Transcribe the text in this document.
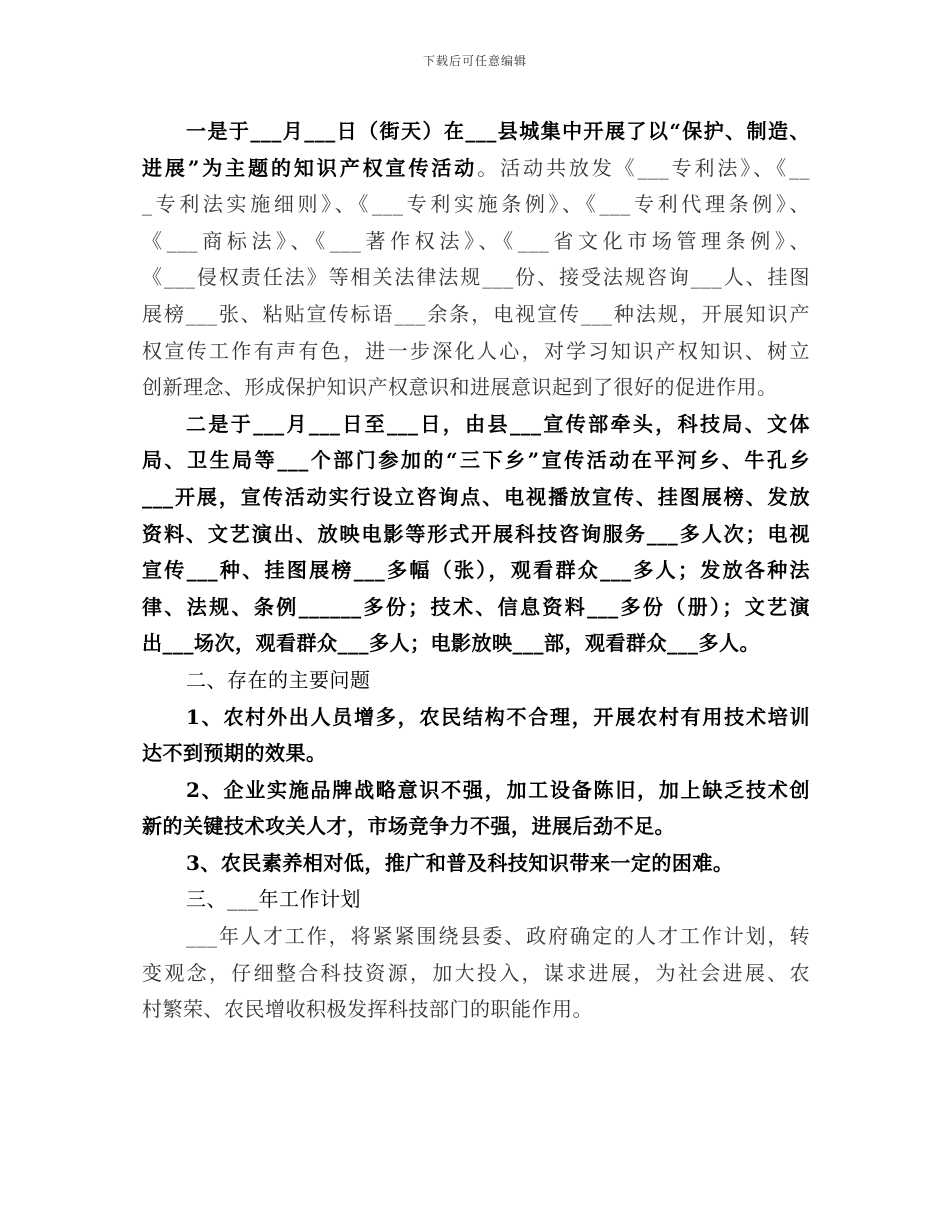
下载后可任意编辑
一是于___月___日（街天）在___县城集中开展了以“保护、制造、
进展”为主题的知识产权宣传活动。活动共放发《___专利法》、《__
_专利法实施细则》、《___专利实施条例》、《___专利代理条例》、
《___商标法》、《___著作权法》、《___省文化市场管理条例》、
《___侵权责任法》等相关法律法规___份、接受法规咨询___人、挂图
展榜___张、粘贴宣传标语___余条，电视宣传___种法规，开展知识产
权宣传工作有声有色，进一步深化人心，对学习知识产权知识、树立
创新理念、形成保护知识产权意识和进展意识起到了很好的促进作用。
二是于___月___日至___日，由县___宣传部牵头，科技局、文体
局、卫生局等___个部门参加的“三下乡”宣传活动在平河乡、牛孔乡
___开展，宣传活动实行设立咨询点、电视播放宣传、挂图展榜、发放
资料、文艺演出、放映电影等形式开展科技咨询服务___多人次；电视
宣传___种、挂图展榜___多幅（张），观看群众___多人；发放各种法
律、法规、条例______多份；技术、信息资料___多份（册）；文艺演
出___场次，观看群众___多人；电影放映___部，观看群众___多人。
二、存在的主要问题
1、农村外出人员增多，农民结构不合理，开展农村有用技术培训
达不到预期的效果。
2、企业实施品牌战略意识不强，加工设备陈旧，加上缺乏技术创
新的关键技术攻关人才，市场竞争力不强，进展后劲不足。
3、农民素养相对低，推广和普及科技知识带来一定的困难。
三、___年工作计划
___年人才工作，将紧紧围绕县委、政府确定的人才工作计划，转
变观念，仔细整合科技资源，加大投入，谋求进展，为社会进展、农
村繁荣、农民增收积极发挥科技部门的职能作用。
